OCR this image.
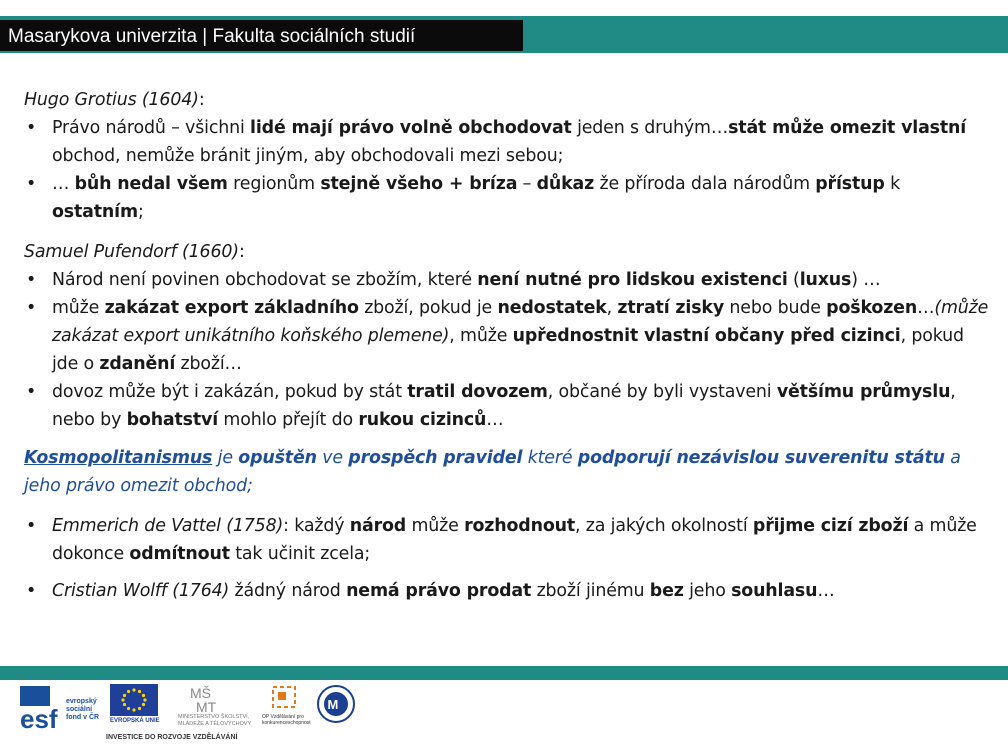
Masarykova univerzita | Fakulta sociálních studií
Hugo Grotius (1604):
• Právo národů – všichni lidé mají právo volně obchodovat jeden s druhým…stát může omezit vlastní obchod, nemůže bránit jiným, aby obchodovali mezi sebou;
• … bůh nedal všem regionům stejně všeho + bríza – důkaz že příroda dala národům přístup k ostatním;
Samuel Pufendorf (1660):
• Národ není povinen obchodovat se zbožím, které není nutné pro lidskou existenci (luxus) …
• může zakázat export základního zboží, pokud je nedostatek, ztratí zisky nebo bude poškozen…(může zakázat export unikátního koňského plemene), může upřednostnit vlastní občany před cizinci, pokud jde o zdanění zboží…
• dovoz může být i zakázán, pokud by stát tratil dovozem, občané by byli vystaveni většímu průmyslu, nebo by bohatství mohlo přejít do rukou cizinců…
Kosmopolitanismus je opuštěn ve prospěch pravidel které podporují nezávislou suverenitu státu a jeho právo omezit obchod;
• Emmerich de Vattel (1758): každý národ může rozhodnout, za jakých okolností přijme cizí zboží a může dokonce odmítnout tak učinit zcela;
• Cristian Wolff (1764) žádný národ nemá právo prodat zboží jinému bez jeho souhlasu…
esf
evropský sociální fond v ČR	EVROPSKÁ UNIE
MŠ
MT
MINISTERSTVO ŠKOLSTVÍ, MLÁDEŽE A TĚLOVÝCHOVY
OP Vzdělávání pro konkurenceschopnost
M
INVESTICE DO ROZVOJE VZDĚLÁVÁNÍ
